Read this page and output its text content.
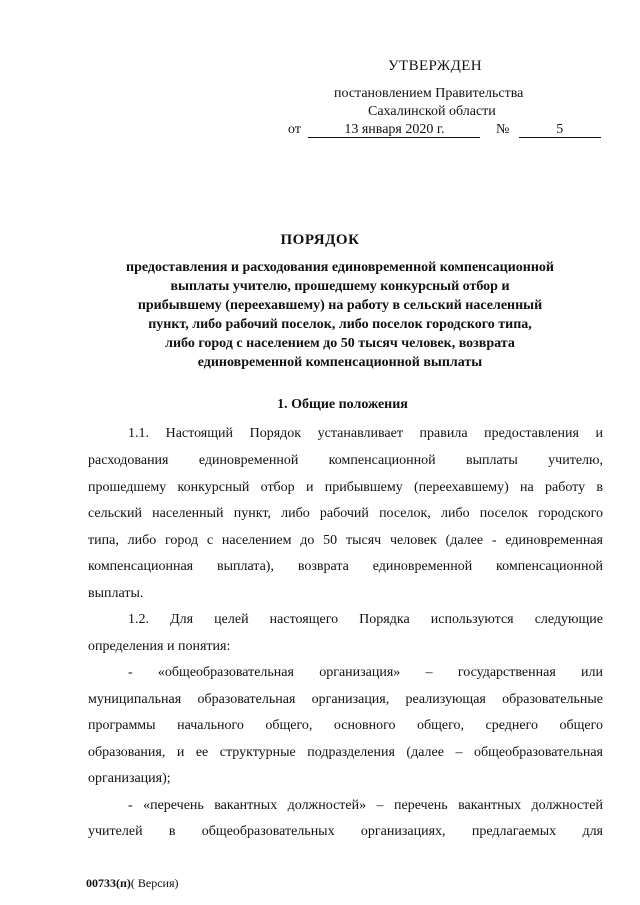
УТВЕРЖДЕН
постановлением Правительства
Сахалинской области
от	13 января 2020 г.	№	5
ПОРЯДОК
предоставления и расходования единовременной компенсационной
выплаты учителю, прошедшему конкурсный отбор и
прибывшему (переехавшему) на работу в сельский населенный
пункт, либо рабочий поселок, либо поселок городского типа,
либо город с населением до 50 тысяч человек, возврата
единовременной компенсационной выплаты
1. Общие положения
1.1. Настоящий Порядок устанавливает правила предоставления и
расходования единовременной компенсационной выплаты учителю,
прошедшему конкурсный отбор и прибывшему (переехавшему) на работу в
сельский населенный пункт, либо рабочий поселок, либо поселок городского
типа, либо город с населением до 50 тысяч человек (далее - единовременная
компенсационная выплата), возврата единовременной компенсационной
выплаты.
1.2. Для целей настоящего Порядка используются следующие
определения и понятия:
- «общеобразовательная организация» – государственная или
муниципальная образовательная организация, реализующая образовательные
программы начального общего, основного общего, среднего общего
образования, и ее структурные подразделения (далее – общеобразовательная
организация);
- «перечень вакантных должностей» – перечень вакантных должностей
учителей в общеобразовательных организациях, предлагаемых для
00733(п)( Версия)
